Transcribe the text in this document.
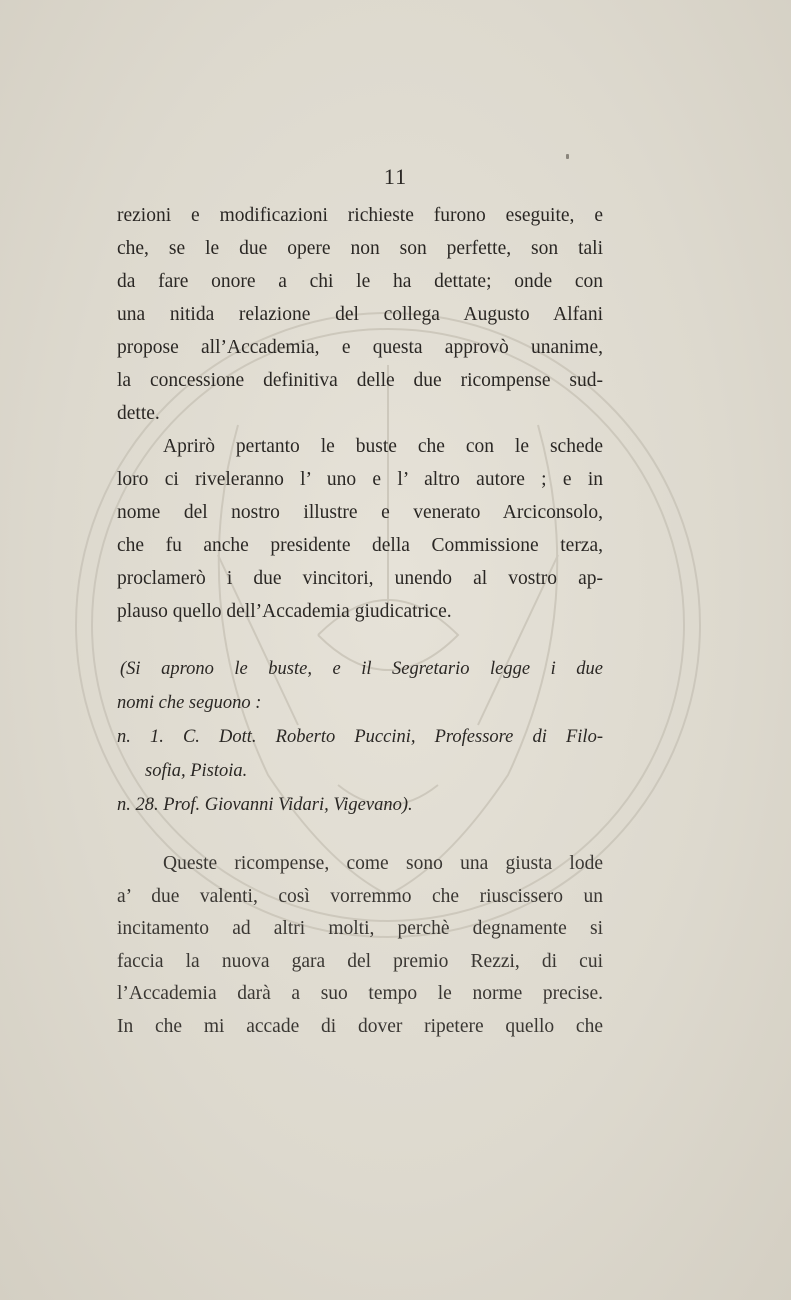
11
rezioni e modificazioni richieste furono eseguite, e
che, se le due opere non son perfette, son tali
da fare onore a chi le ha dettate; onde con
una nitida relazione del collega Augusto Alfani
propose all’Accademia, e questa approvò unanime,
la concessione definitiva delle due ricompense sud-
dette.
Aprirò pertanto le buste che con le schede
loro ci riveleranno l’ uno e l’ altro autore ; e in
nome del nostro illustre e venerato Arciconsolo,
che fu anche presidente della Commissione terza,
proclamerò i due vincitori, unendo al vostro ap-
plauso quello dell’Accademia giudicatrice.
(Si aprono le buste, e il Segretario legge i due
nomi che seguono :
n. 1. C. Dott. Roberto Puccini, Professore di Filo-
sofia, Pistoia.
n. 28. Prof. Giovanni Vidari, Vigevano).
Queste ricompense, come sono una giusta lode
a’ due valenti, così vorremmo che riuscissero un
incitamento ad altri molti, perchè degnamente si
faccia la nuova gara del premio Rezzi, di cui
l’Accademia darà a suo tempo le norme precise.
In che mi accade di dover ripetere quello che
